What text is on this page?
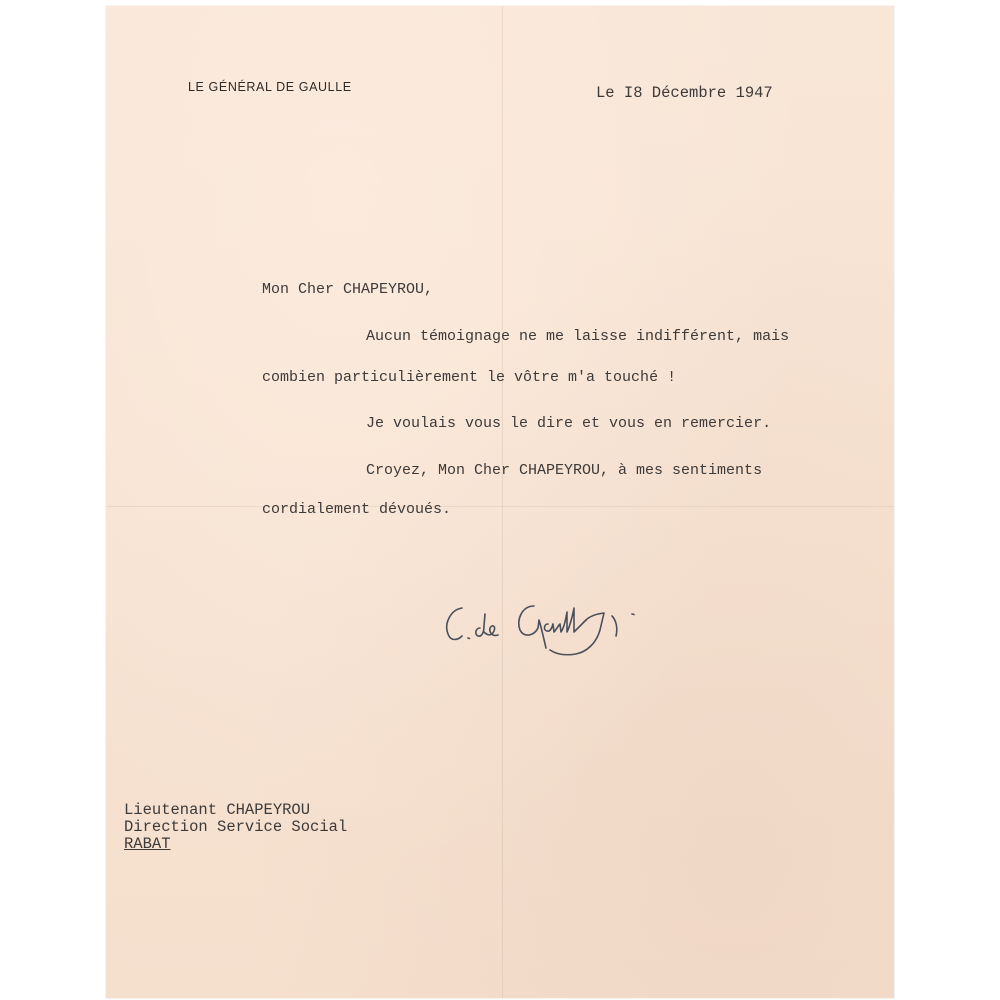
LE GÉNÉRAL DE GAULLE	Le I8 Décembre 1947
Mon Cher CHAPEYROU,
Aucun témoignage ne me laisse indifférent, mais
combien particulièrement le vôtre m'a touché !
Je voulais vous le dire et vous en remercier.
Croyez, Mon Cher CHAPEYROU, à mes sentiments
cordialement dévoués.
Lieutenant CHAPEYROU
Direction Service Social
RABAT
